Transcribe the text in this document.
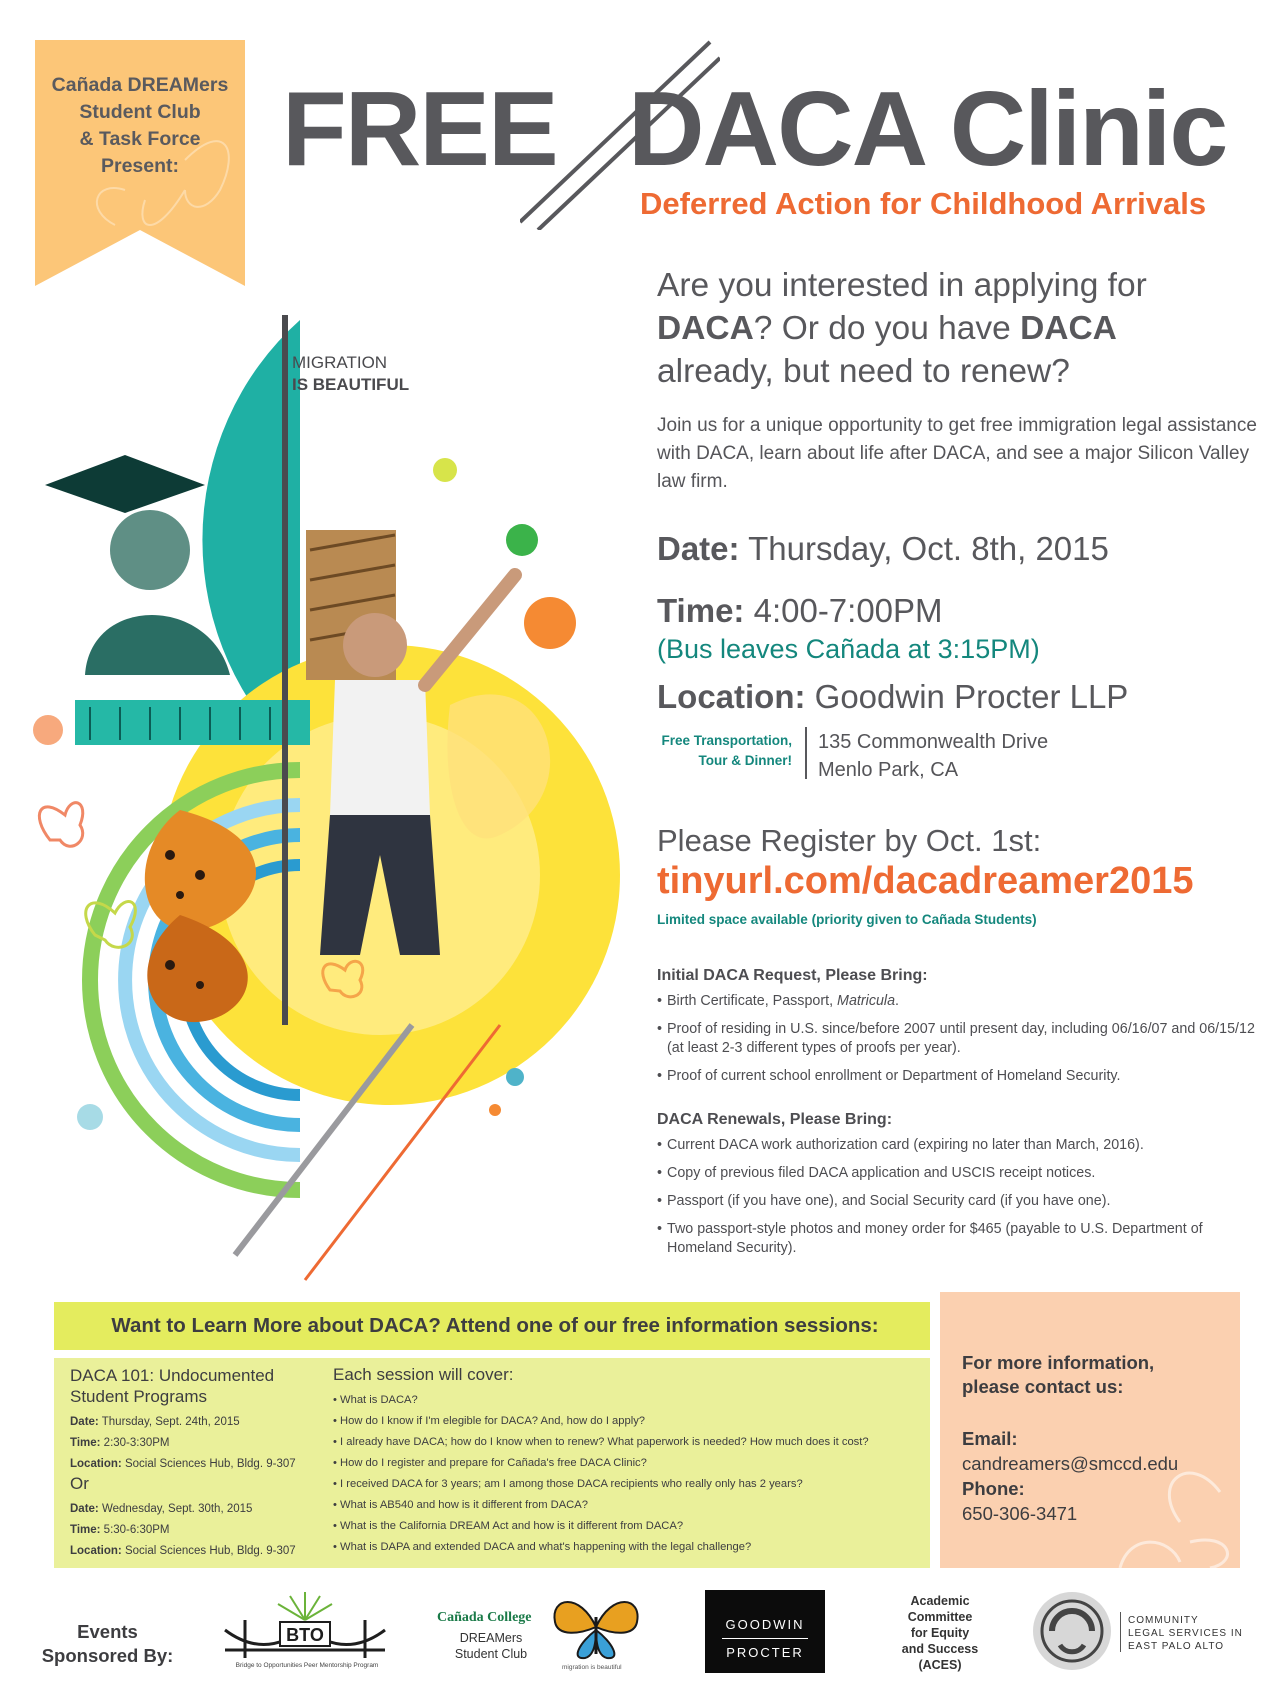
Cañada DREAMers
Student Club
& Task Force
Present: FREE DACA Clinic
Deferred Action for Childhood Arrivals
MIGRATION
IS BEAUTIFUL
Are you interested in applying for
DACA? Or do you have DACA
already, but need to renew?
Join us for a unique opportunity to get free immigration legal assistance with DACA, learn about life after DACA, and see a major Silicon Valley law firm.
Date: Thursday, Oct. 8th, 2015
Time: 4:00-7:00PM
(Bus leaves Cañada at 3:15PM)
Location: Goodwin Procter LLP
Free Transportation,
Tour & Dinner!
135 Commonwealth Drive
Menlo Park, CA
Please Register by Oct. 1st:
tinyurl.com/dacadreamer2015
Limited space available (priority given to Cañada Students)
Initial DACA Request, Please Bring:
• Birth Certificate, Passport, Matricula.
• Proof of residing in U.S. since/before 2007 until present day, including 06/16/07 and 06/15/12 (at least 2-3 different types of proofs per year).
• Proof of current school enrollment or Department of Homeland Security.
DACA Renewals, Please Bring:
• Current DACA work authorization card (expiring no later than March, 2016).
• Copy of previous filed DACA application and USCIS receipt notices.
• Passport (if you have one), and Social Security card (if you have one).
• Two passport-style photos and money order for $465 (payable to U.S. Department of Homeland Security).
Want to Learn More about DACA? Attend one of our free information sessions:
DACA 101: Undocumented
Student Programs
Date: Thursday, Sept. 24th, 2015
Time: 2:30-3:30PM
Location: Social Sciences Hub, Bldg. 9-307
Or
Date: Wednesday, Sept. 30th, 2015
Time: 5:30-6:30PM
Location: Social Sciences Hub, Bldg. 9-307
Each session will cover:
• What is DACA?
• How do I know if I'm elegible for DACA? And, how do I apply?
• I already have DACA; how do I know when to renew? What paperwork is needed? How much does it cost?
• How do I register and prepare for Cañada's free DACA Clinic?
• I received DACA for 3 years; am I among those DACA recipients who really only has 2 years?
• What is AB540 and how is it different from DACA?
• What is the California DREAM Act and how is it different from DACA?
• What is DAPA and extended DACA and what's happening with the legal challenge?
For more information,
please contact us:
Email:
candreamers@smccd.edu
Phone:
650-306-3471
Events
Sponsored By:
BTO
Bridge to Opportunities Peer Mentorship Program
Cañada College
DREAMers
Student Club
migration is beautiful
GOODWIN
PROCTER
Academic
Committee
for Equity
and Success
(ACES)
COMMUNITY
LEGAL SERVICES IN
EAST PALO ALTO
